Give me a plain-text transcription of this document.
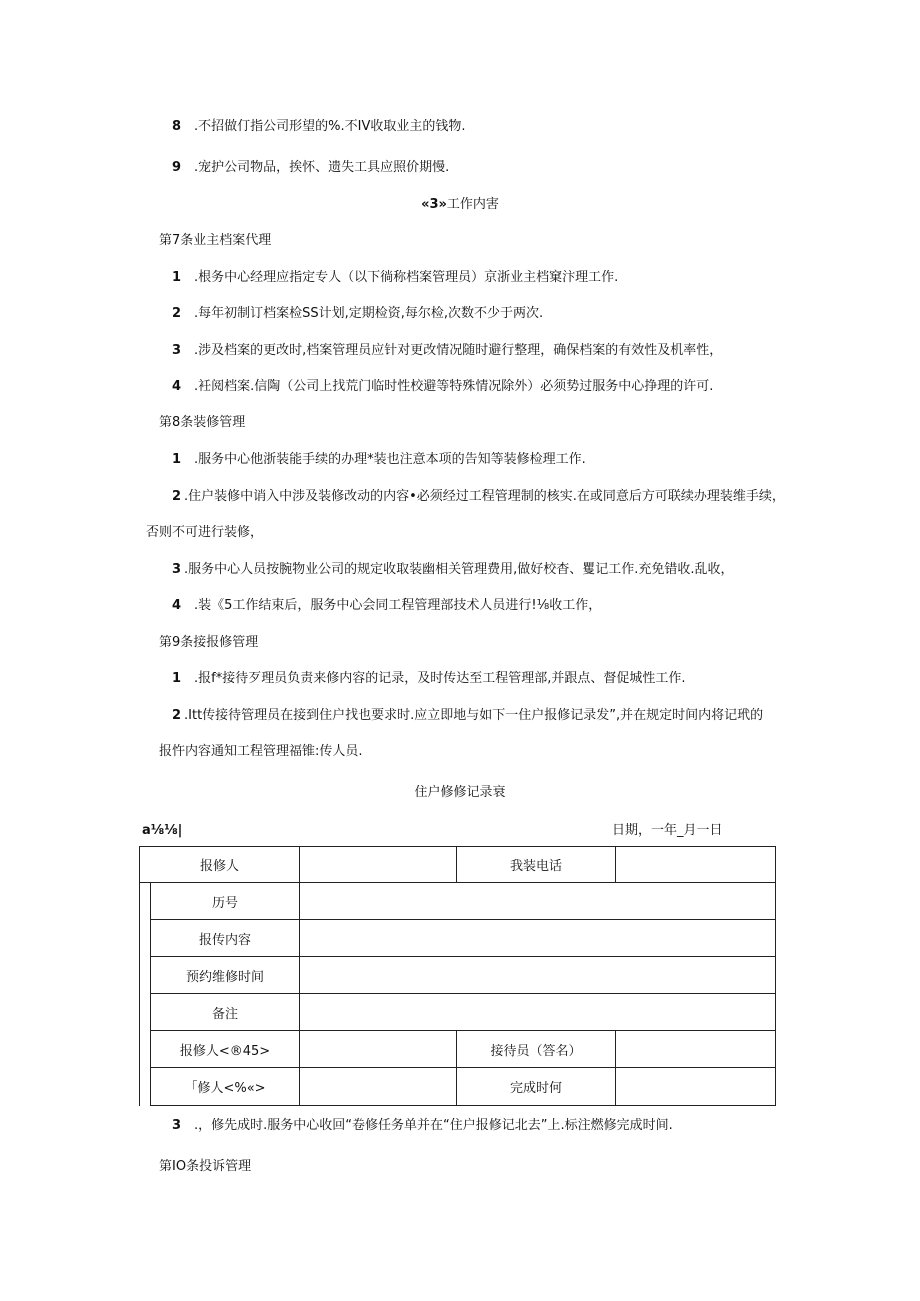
8 .不招做仃指公司形望的%.不IV收取业主的钱物.
9 .宠护公司物品，挨怀、遗失工具应照价期慢.
«3»工作内害
第7条业主档案代理
1 .根务中心经理应指定专人（以下徜称档案管理员）京浙业主档窠汴理工作.
2 .每年初制订档案检SS计划,定期检资,每尔检,次数不少于两次.
3 .涉及档案的更改时,档案管理员应针对更改情况随时避行整理，确保档案的有效性及机率性，
4 .衽阅档案.信陶（公司上找荒门临时性校避等特殊情况除外）必须势过服务中心挣理的许可.
第8条装修管理
1 .服务中心他浙装能手续的办理*装也注意本项的告知等装修检理工作.
2 .住户装修中诮入中涉及装修改动的内容•必须经过工程管理制的核实.在或同意后方可联续办理装维手续，
否则不可进行装修，
3 .服务中心人员按腕物业公司的规定收取装幽相关管理费用,做好校杳、矍记工作.充免错收.乱收，
4 .装《5工作结束后，服务中心会同工程管理部技术人员进行!⅛收工作，
第9条接报修管理
1 .报f*接待歹理员负责来修内容的记录，及时传达至工程管理部,并跟点、督促城性工作.
2 .Itt传接待管理员在接到住户找也要求时.应立即地与如下一住户报修记录发”,并在规定时间内将记玳的
报忤内容通知工程管理福锥:传人员.
住户修修记录衰
a⅛⅛|	日期，一年_月一日
报修人		我装电话	
历号			
报传内容			
预约维修时间			
备注			
报修人<®45>		接待员（答名）	
「修人<%«>		完成时何	
3 .，修先成时.服务中心收回“卷修任务单并在“住户报修记北去”上.标注燃修完成时间.
第IO条投诉管理
